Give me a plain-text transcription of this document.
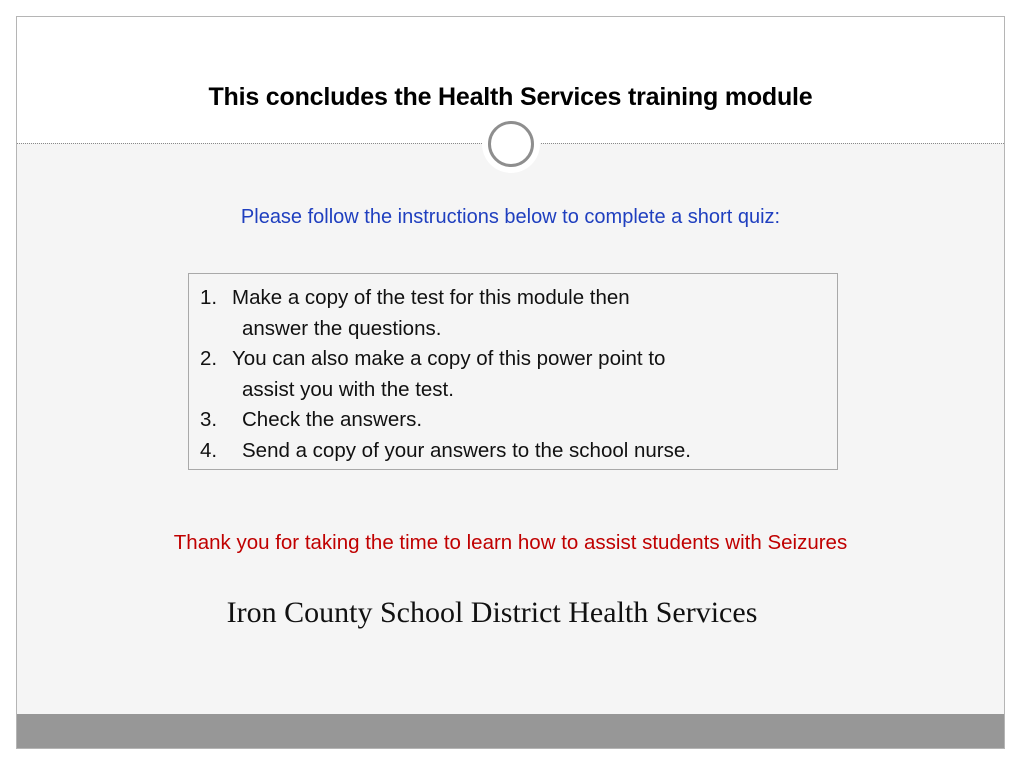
This concludes the Health Services training module
Please follow the instructions below to complete a short quiz:
1. Make a copy of the test for this module then
answer the questions.
2. You can also make a copy of this power point to
assist you with the test.
3.	Check the answers.
4.	Send a copy of your answers to the school nurse.
Thank you for taking the time to learn how to assist students with Seizures
Iron County School District Health Services
